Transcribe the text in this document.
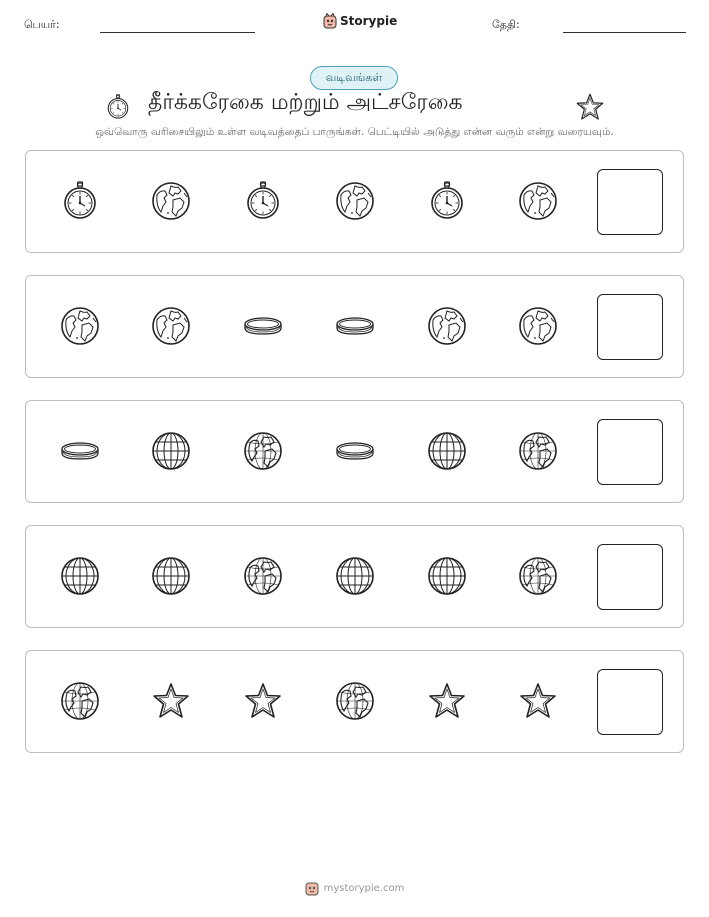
பெயர்:	Storypie	தேதி:
வடிவங்கள்
தீர்க்கரேகை மற்றும் அட்சரேகை
ஒவ்வொரு வரிசையிலும் உள்ள வடிவத்தைப் பாருங்கள். பெட்டியில் அடுத்து என்ன வரும் என்று வரையவும்.
mystorypie.com
